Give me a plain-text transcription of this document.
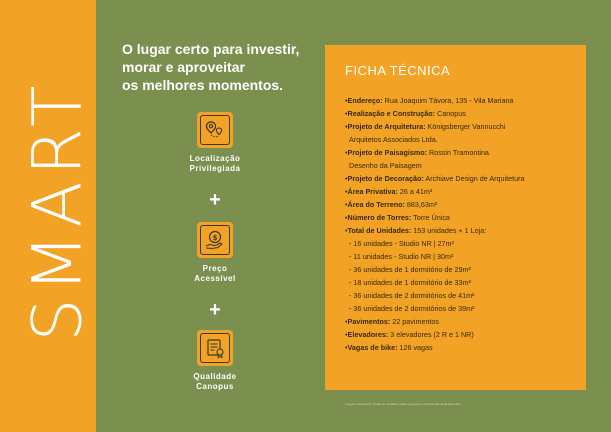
SMART
O lugar certo para investir,
morar e aproveitar
os melhores momentos.
Localização
Privilegiada
+
$
Preço
Acessível
+
Qualidade
Canopus
FICHA TÉCNICA
•Endereço: Rua Joaquim Távora, 135 - Vila Mariana
•Realização e Construção: Canopus
•Projeto de Arquitetura: Königsberger Vannucchi
Arquitetos Associados Ltda.
•Projeto de Paisagismo: Rossin Tramontina
Desenho da Paisagem
•Projeto de Decoração: Archiave Design de Arquitetura
•Área Privativa: 26 a 41m²
•Área do Terreno: 883,63m²
•Número de Torres: Torre Única
•Total de Unidades: 153 unidades + 1 Loja:
- 16 unidades - Studio NR | 27m²
- 11 unidades - Studio NR | 30m²
- 36 unidades de 1 dormitório de 29m²
- 18 unidades de 1 dormitório de 33m²
- 36 unidades de 2 dormitórios de 41m²
- 36 unidades de 2 dormitórios de 39m²
•Pavimentos: 22 pavimentos
•Elevadores: 3 elevadores (2 R e 1 NR)
•Vagas de bike: 126 vagas
Imagens ilustrativas. Todas as unidades serão entregues conforme Memorial Descritivo.
